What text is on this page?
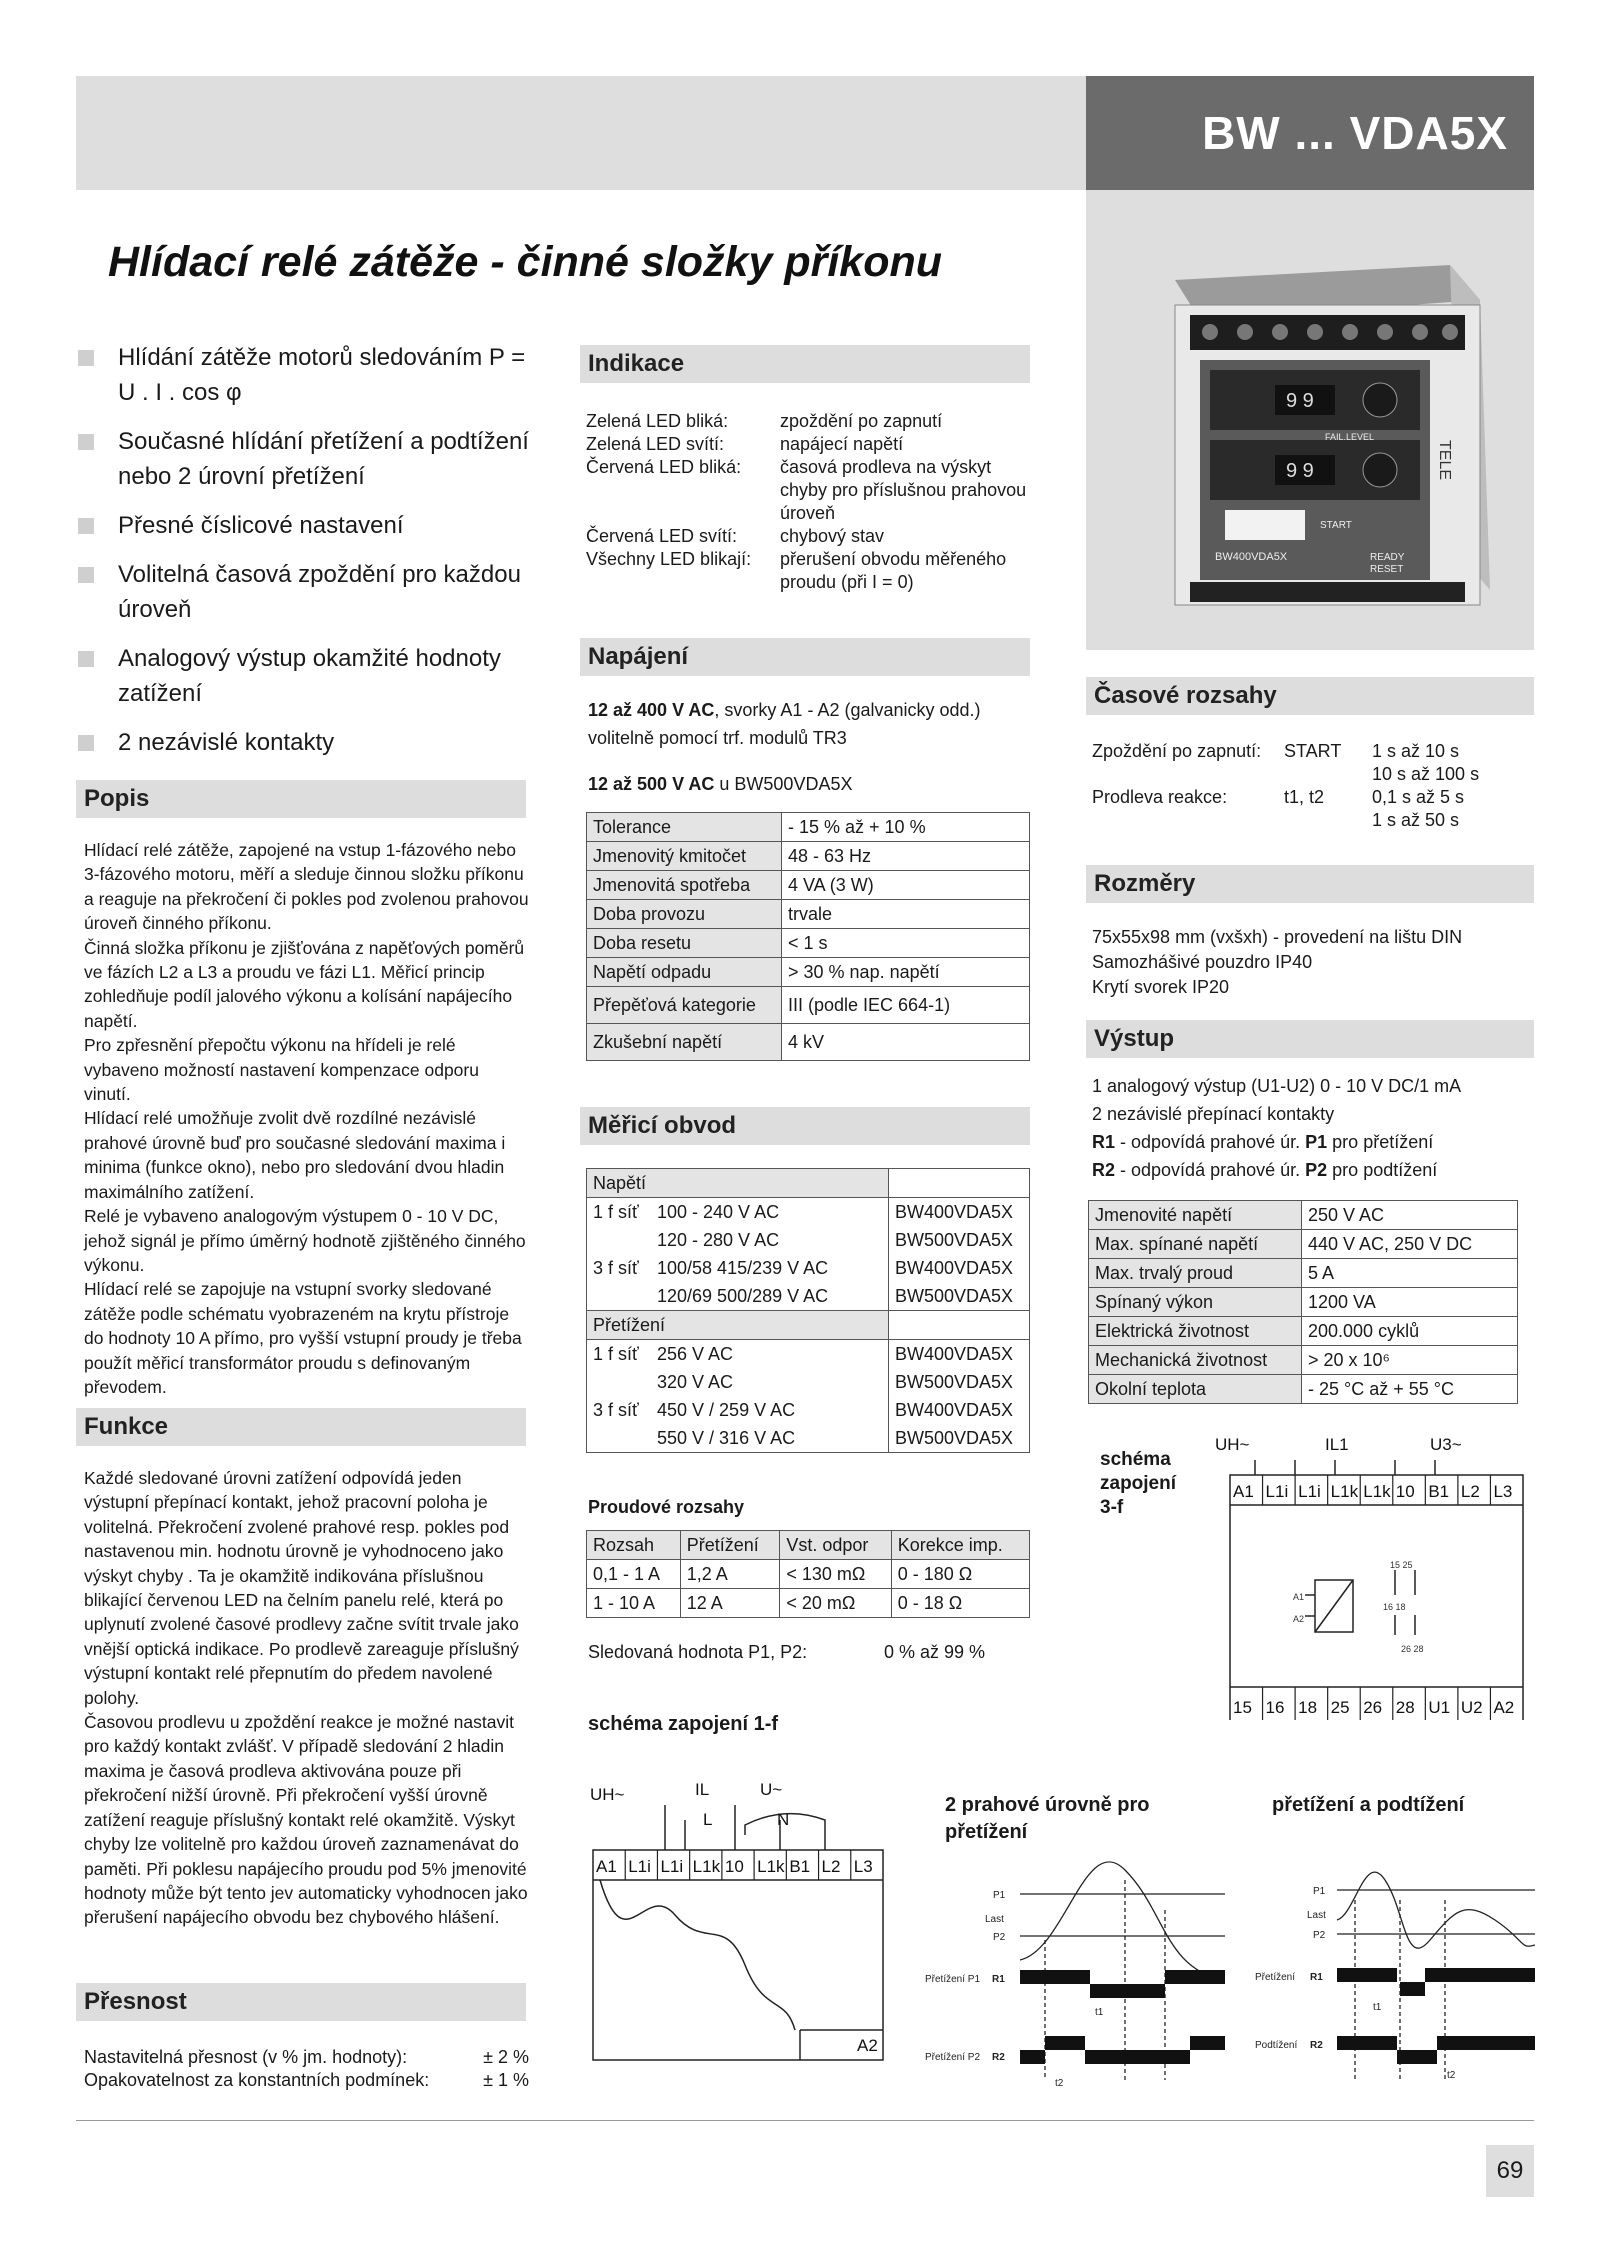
BW ... VDA5X
Hlídací relé zátěže - činné složky příkonu
9 9
9 9
BW400VDA5X
START
READY
RESET
FAIL.LEVEL
TELE
Hlídání zátěže motorů sledováním P = U . I . cos φ
Současné hlídání přetížení a podtížení nebo 2 úrovní přetížení
Přesné číslicové nastavení
Volitelná časová zpoždění pro každou úroveň
Analogový výstup okamžité hodnoty zatížení
2 nezávislé kontakty
Popis
Hlídací relé zátěže, zapojené na vstup 1-fázového nebo 3-fázového motoru, měří a sleduje činnou složku příkonu a reaguje na překročení či pokles pod zvolenou prahovou úroveň činného příkonu.
Činná složka příkonu je zjišťována z napěťových poměrů ve fázích L2 a L3 a proudu ve fázi L1. Měřicí princip zohledňuje podíl jalového výkonu a kolísání napájecího napětí.
Pro zpřesnění přepočtu výkonu na hřídeli je relé vybaveno možností nastavení kompenzace odporu vinutí.
Hlídací relé umožňuje zvolit dvě rozdílné nezávislé prahové úrovně buď pro současné sledování maxima i minima (funkce okno), nebo pro sledování dvou hladin maximálního zatížení.
Relé je vybaveno analogovým výstupem 0 - 10 V DC, jehož signál je přímo úměrný hodnotě zjištěného činného výkonu.
Hlídací relé se zapojuje na vstupní svorky sledované zátěže podle schématu vyobrazeném na krytu přístroje do hodnoty 10 A přímo, pro vyšší vstupní proudy je třeba použít měřicí transformátor proudu s definovaným převodem.
Funkce
Každé sledované úrovni zatížení odpovídá jeden výstupní přepínací kontakt, jehož pracovní poloha je volitelná. Překročení zvolené prahové resp. pokles pod nastavenou min. hodnotu úrovně je vyhodnoceno jako výskyt chyby . Ta je okamžitě indikována příslušnou blikající červenou LED na čelním panelu relé, která po uplynutí zvolené časové prodlevy začne svítit trvale jako vnější optická indikace. Po prodlevě zareaguje příslušný výstupní kontakt relé přepnutím do předem navolené polohy.
Časovou prodlevu u zpoždění reakce je možné nastavit pro každý kontakt zvlášť. V případě sledování 2 hladin maxima je časová prodleva aktivována pouze při překročení nižší úrovně. Při překročení vyšší úrovně zatížení reaguje příslušný kontakt relé okamžitě. Výskyt chyby lze volitelně pro každou úroveň zaznamenávat do paměti. Při poklesu napájecího proudu pod 5% jmenovité hodnoty může být tento jev automaticky vyhodnocen jako přerušení napájecího obvodu bez chybového hlášení.
Přesnost
Nastavitelná přesnost (v % jm. hodnoty):	± 2 %
Opakovatelnost za konstantních podmínek:	± 1 %
Indikace
Zelená LED bliká:	zpoždění po zapnutí
Zelená LED svítí:	napájecí napětí
Červená LED bliká:	časová prodleva na výskyt chyby pro příslušnou prahovou úroveň
Červená LED svítí:	chybový stav
Všechny LED blikají:	přerušení obvodu měřeného proudu (při I = 0)
Napájení
12 až 400 V AC, svorky A1 - A2 (galvanicky odd.)
volitelně pomocí trf. modulů TR3
12 až 500 V AC u BW500VDA5X
Tolerance	- 15 % až + 10 %
Jmenovitý kmitočet	48 - 63 Hz
Jmenovitá spotřeba	4 VA (3 W)
Doba provozu	trvale
Doba resetu	< 1 s
Napětí odpadu	> 30 % nap. napětí
Přepěťová kategorie	III (podle IEC 664-1)
Zkušební napětí	4 kV
Měřicí obvod
Napětí		
1 f síť	100 - 240 V AC	BW400VDA5X
	120 - 280 V AC	BW500VDA5X
3 f síť	100/58 415/239 V AC	BW400VDA5X
	120/69 500/289 V AC	BW500VDA5X
Přetížení		
1 f síť	256 V AC	BW400VDA5X
	320 V AC	BW500VDA5X
3 f síť	450 V / 259 V AC	BW400VDA5X
	550 V / 316 V AC	BW500VDA5X
Proudové rozsahy
Rozsah	Přetížení	Vst. odpor	Korekce imp.
0,1 - 1 A	1,2 A	< 130 mΩ	0 - 180 Ω
1 - 10 A	12 A	< 20 mΩ	0 - 18 Ω
Sledovaná hodnota P1, P2:	0 % až 99 %
Časové rozsahy
Zpoždění po zapnutí:	START	1 s až 10 s
10 s až 100 s
Prodleva reakce:	t1, t2	0,1 s až 5 s
1 s až 50 s
Rozměry
75x55x98 mm (vxšxh) - provedení na lištu DIN
Samozhášivé pouzdro IP40
Krytí svorek IP20
Výstup
1 analogový výstup (U1-U2) 0 - 10 V DC/1 mA
2 nezávislé přepínací kontakty
R1 - odpovídá prahové úr. P1 pro přetížení
R2 - odpovídá prahové úr. P2 pro podtížení
Jmenovité napětí	250 V AC
Max. spínané napětí	440 V AC, 250 V DC
Max. trvalý proud	5 A
Spínaný výkon	1200 VA
Elektrická životnost	200.000 cyklů
Mechanická životnost	> 20 x 10⁶
Okolní teplota	- 25 °C až + 55 °C
schéma zapojení 3-f
UH~	IL1	U3~
A1 L1i L1i L1k L1k 10 B1 L2 L3
15 16 18 25 26 28 U1 U2 A2
A1
A2
15 25
16 18
26 28
schéma zapojení 1-f
UH~	IL	U~
L	N
A2
A1 L1i L1i L1k 10 L1k B1 L2 L3
2 prahové úrovně pro přetížení
P1
Last
P2
Přetížení P1 R1
Přetížení P2 R2
t1
t2
přetížení a podtížení
P1
Last
P2
Přetížení R1
Podtížení R2
t1
t2
69
